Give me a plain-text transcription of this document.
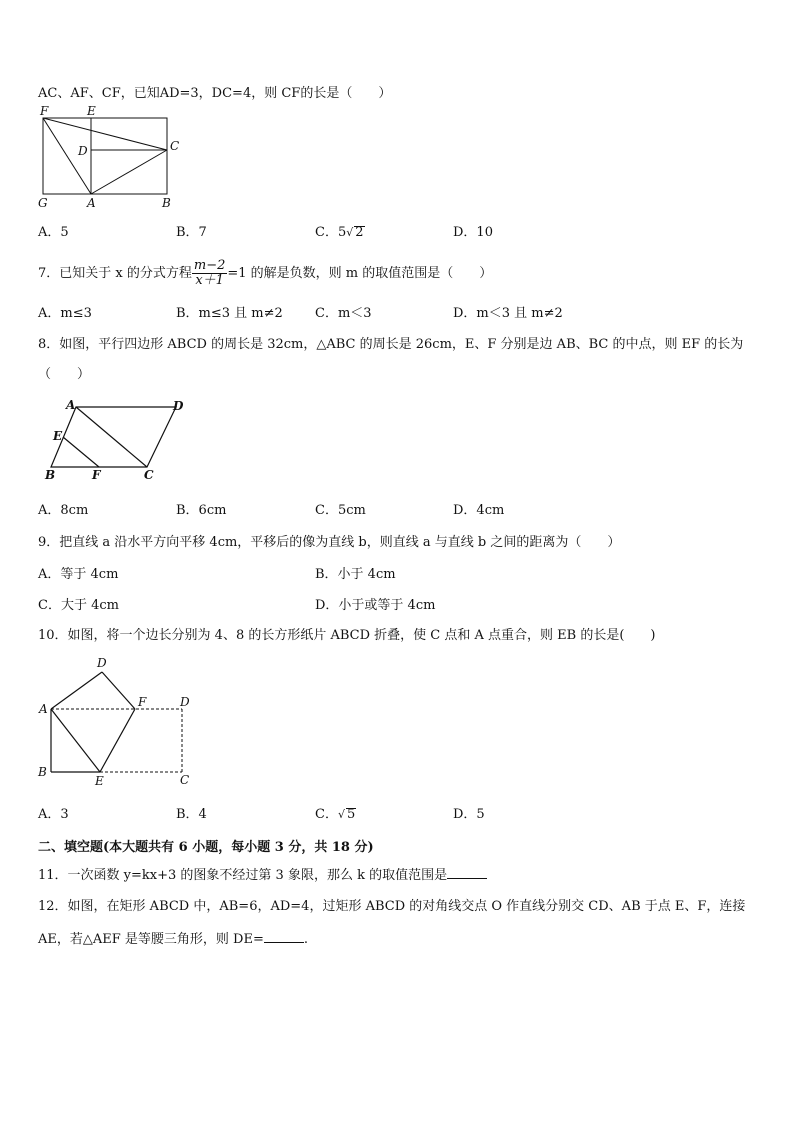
AC、AF、CF，已知AD=3，DC=4，则 CF的长是（　　）
F	E
D	C
G	A	B
A．5	B．7	C．5√ 2	D．10
7．已知关于 x 的分式方程 $\frac{m-2}{x+1} =1$ 的解是负数，则 m 的取值范围是（　　）
A．m≤3	B．m≤3 且 m≠2 C．m＜3	D．m＜3 且 m≠2
8．如图，平行四边形 ABCD 的周长是 32cm，△ABC 的周长是 26cm，E、F 分别是边 AB、BC 的中点，则 EF 的长为
（　　）
A	D
E
B	F	C
A．8cm	B．6cm	C．5cm	D．4cm
9．把直线 a 沿水平方向平移 4cm，平移后的像为直线 b，则直线 a 与直线 b 之间的距离为（　　）
A．等于 4cm	B．小于 4cm
C．大于 4cm	D．小于或等于 4cm
10．如图，将一个边长分别为 4、8 的长方形纸片 ABCD 折叠，使 C 点和 A 点重合，则 EB 的长是(　　)
D
A	F	D
B
E	C
A．3	B．4	C．√ 5	D．5
二、填空题(本大题共有 6 小题，每小题 3 分，共 18 分)
11．一次函数 y=kx+3 的图象不经过第 3 象限，那么 k 的取值范围是
12．如图，在矩形 ABCD 中，AB=6，AD=4，过矩形 ABCD 的对角线交点 O 作直线分别交 CD、AB 于点 E、F，连接
AE，若△AEF 是等腰三角形，则 DE=	.
